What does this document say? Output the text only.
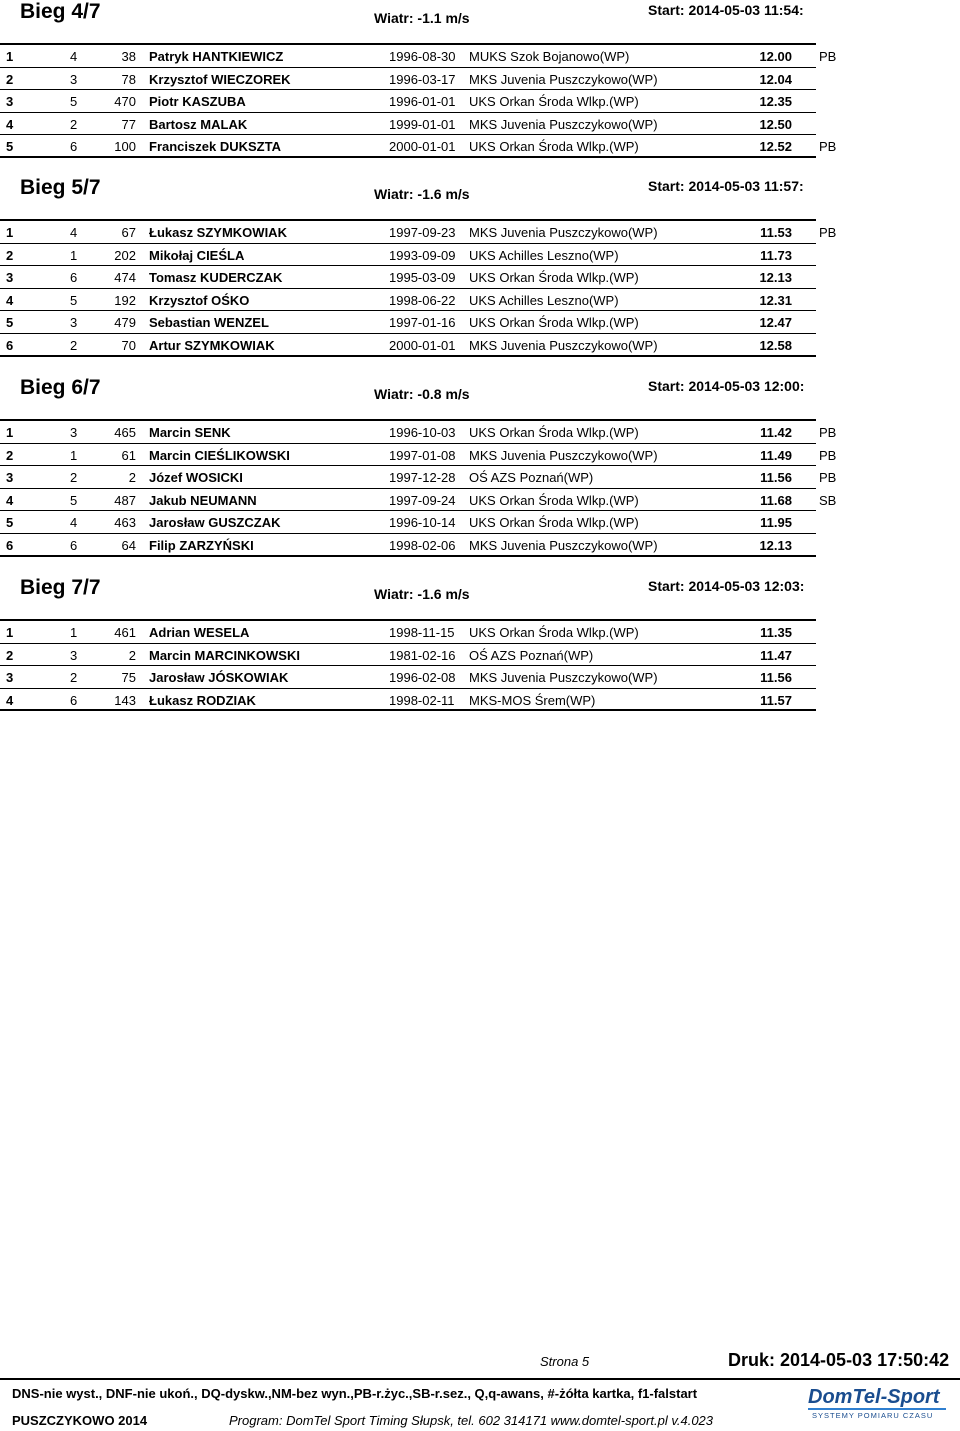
Bieg 4/7	Wiatr: -1.1 m/s	Start: 2014-05-03 11:54:
1	4	38 Patryk HANTKIEWICZ	1996-08-30 MUKS Szok Bojanowo(WP)	12.00 PB
2	3	78 Krzysztof WIECZOREK	1996-03-17 MKS Juvenia Puszczykowo(WP)	12.04
3	5	470 Piotr KASZUBA	1996-01-01 UKS Orkan Środa Wlkp.(WP)	12.35
4	2	77 Bartosz MALAK	1999-01-01 MKS Juvenia Puszczykowo(WP)	12.50
5	6	100 Franciszek DUKSZTA	2000-01-01 UKS Orkan Środa Wlkp.(WP)	12.52 PB
Bieg 5/7	Wiatr: -1.6 m/s	Start: 2014-05-03 11:57:
1	4	67 Łukasz SZYMKOWIAK	1997-09-23 MKS Juvenia Puszczykowo(WP)	11.53 PB
2	1	202 Mikołaj CIEŚLA	1993-09-09 UKS Achilles Leszno(WP)	11.73
3	6	474 Tomasz KUDERCZAK	1995-03-09 UKS Orkan Środa Wlkp.(WP)	12.13
4	5	192 Krzysztof OŚKO	1998-06-22 UKS Achilles Leszno(WP)	12.31
5	3	479 Sebastian WENZEL	1997-01-16 UKS Orkan Środa Wlkp.(WP)	12.47
6	2	70 Artur SZYMKOWIAK	2000-01-01 MKS Juvenia Puszczykowo(WP)	12.58
Bieg 6/7	Wiatr: -0.8 m/s	Start: 2014-05-03 12:00:
1	3	465 Marcin SENK	1996-10-03 UKS Orkan Środa Wlkp.(WP)	11.42 PB
2	1	61 Marcin CIEŚLIKOWSKI	1997-01-08 MKS Juvenia Puszczykowo(WP)	11.49 PB
3	2	2 Józef WOSICKI	1997-12-28 OŚ AZS Poznań(WP)	11.56 PB
4	5	487 Jakub NEUMANN	1997-09-24 UKS Orkan Środa Wlkp.(WP)	11.68 SB
5	4	463 Jarosław GUSZCZAK	1996-10-14 UKS Orkan Środa Wlkp.(WP)	11.95
6	6	64 Filip ZARZYŃSKI	1998-02-06 MKS Juvenia Puszczykowo(WP)	12.13
Bieg 7/7	Wiatr: -1.6 m/s	Start: 2014-05-03 12:03:
1	1	461 Adrian WESELA	1998-11-15 UKS Orkan Środa Wlkp.(WP)	11.35
2	3	2 Marcin MARCINKOWSKI	1981-02-16 OŚ AZS Poznań(WP)	11.47
3	2	75 Jarosław JÓSKOWIAK	1996-02-08 MKS Juvenia Puszczykowo(WP)	11.56
4	6	143 Łukasz RODZIAK	1998-02-11 MKS-MOS Śrem(WP)	11.57
Strona 5	Druk: 2014-05-03 17:50:42
DNS-nie wyst., DNF-nie ukoń., DQ-dyskw.,NM-bez wyn.,PB-r.życ.,SB-r.sez., Q,q-awans, #-żółta kartka, f1-falstart
PUSZCZYKOWO 2014	Program: DomTel Sport Timing Słupsk, tel. 602 314171 www.domtel-sport.pl v.4.023
DomTel-Sport
SYSTEMY POMIARU CZASU
